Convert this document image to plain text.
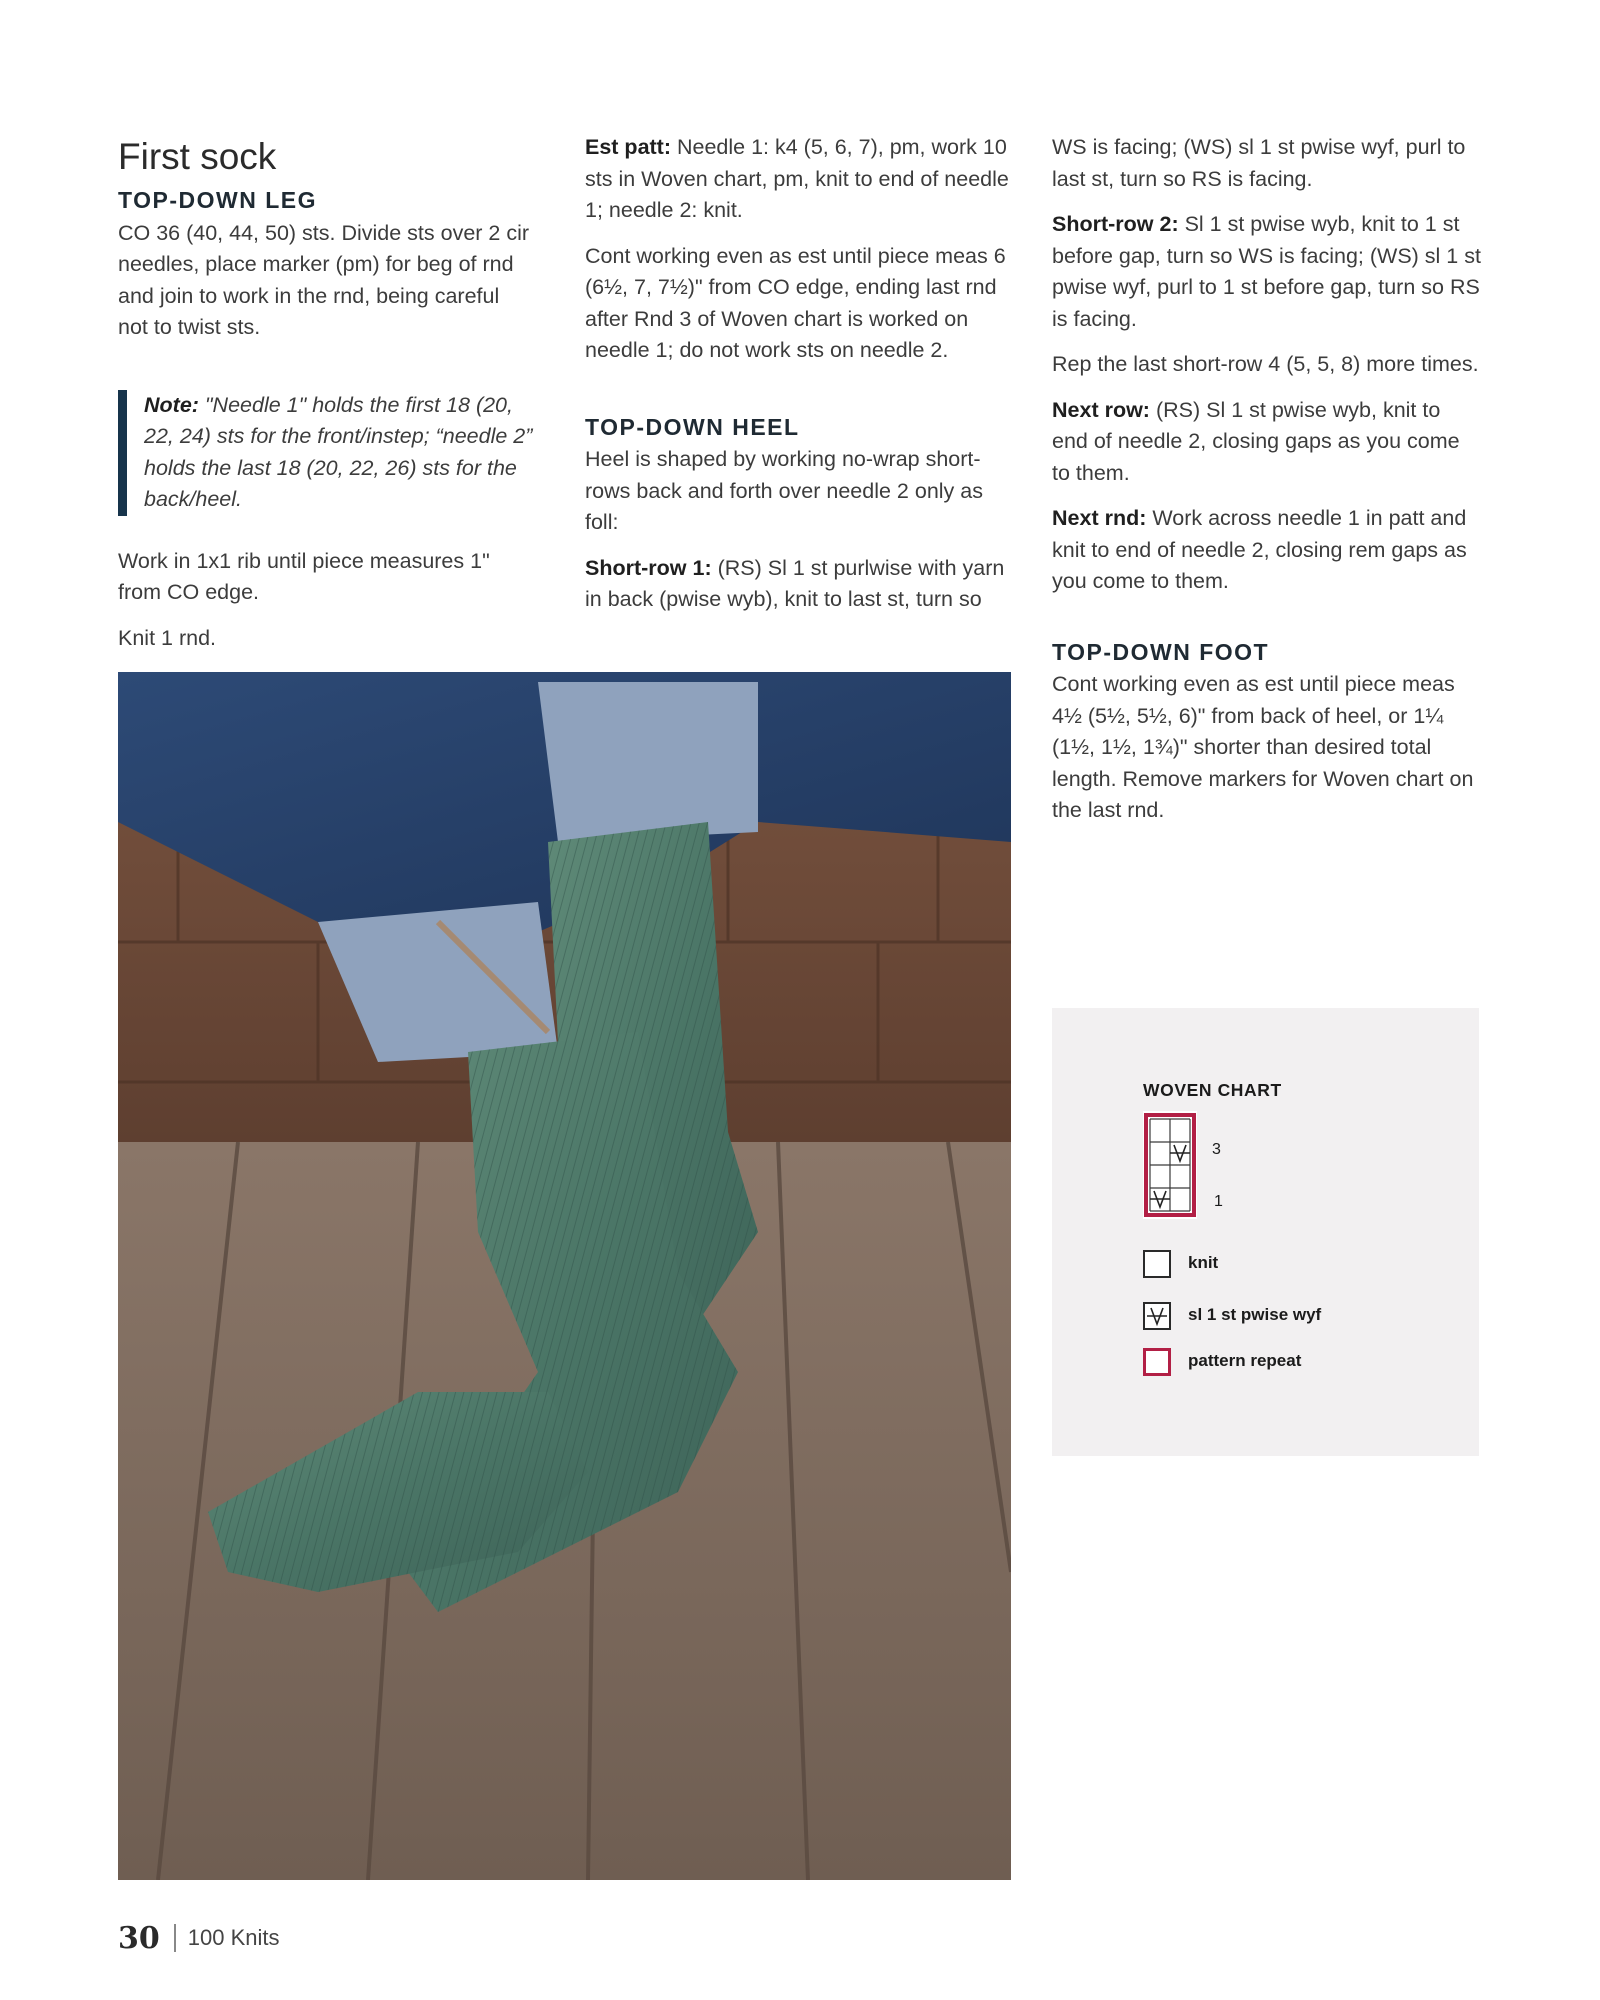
First sock
TOP-DOWN LEG

CO 36 (40, 44, 50) sts. Divide sts over 2 cir needles, place marker (pm) for beg of rnd and join to work in the rnd, being careful not to twist sts.

Note: "Needle 1" holds the first 18 (20, 22, 24) sts for the front/instep; “needle 2” holds the last 18 (20, 22, 26) sts for the back/heel.

Work in 1x1 rib until piece measures 1" from CO edge.

Knit 1 rnd.

Est patt: Needle 1: k4 (5, 6, 7), pm, work 10 sts in Woven chart, pm, knit to end of needle 1; needle 2: knit.

Cont working even as est until piece meas 6 (6½, 7, 7½)" from CO edge, ending last rnd after Rnd 3 of Woven chart is worked on needle 1; do not work sts on needle 2.

TOP-DOWN HEEL

Heel is shaped by working no-wrap short-rows back and forth over needle 2 only as foll:

Short-row 1: (RS) Sl 1 st purlwise with yarn in back (pwise wyb), knit to last st, turn so

WS is facing; (WS) sl 1 st pwise wyf, purl to last st, turn so RS is facing.

Short-row 2: Sl 1 st pwise wyb, knit to 1 st before gap, turn so WS is facing; (WS) sl 1 st pwise wyf, purl to 1 st before gap, turn so RS is facing.

Rep the last short-row 4 (5, 5, 8) more times.

Next row: (RS) Sl 1 st pwise wyb, knit to end of needle 2, closing gaps as you come to them.

Next rnd: Work across needle 1 in patt and knit to end of needle 2, closing rem gaps as you come to them.

TOP-DOWN FOOT

Cont working even as est until piece meas 4½ (5½, 5½, 6)" from back of heel, or 1¼ (1½, 1½, 1¾)" shorter than desired total length. Remove markers for Woven chart on the last rnd.

WOVEN CHART
3
1
knit
sl 1 st pwise wyf
pattern repeat
30 100 Knits
